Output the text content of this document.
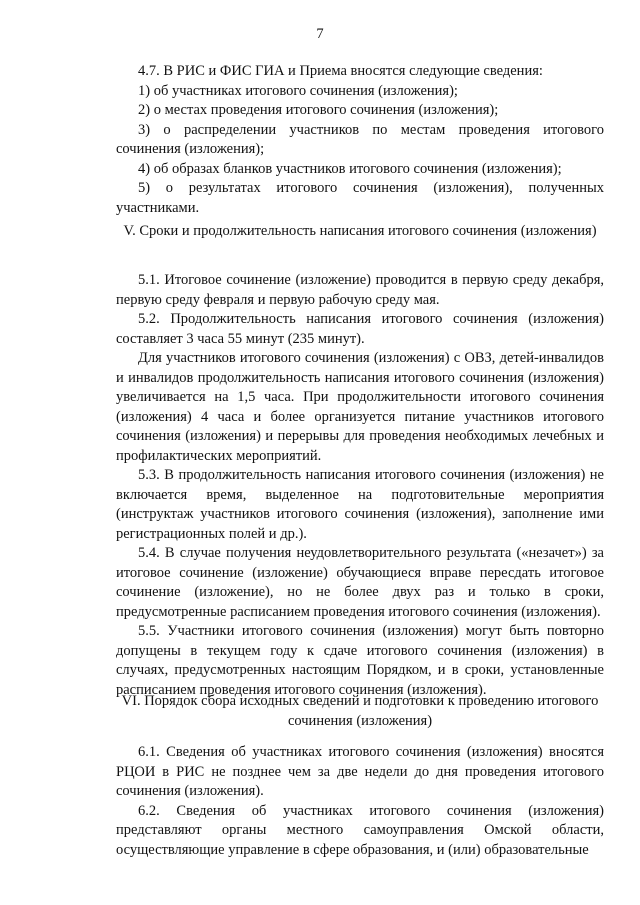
7

4.7. В РИС и ФИС ГИА и Приема вносятся следующие сведения:

1) об участниках итогового сочинения (изложения);

2) о местах проведения итогового сочинения (изложения);

3) о распределении участников по местам проведения итогового сочинения (изложения);

4) об образах бланков участников итогового сочинения (изложения);

5) о результатах итогового сочинения (изложения), полученных участниками.

V. Сроки и продолжительность написания итогового сочинения (изложения)

5.1. Итоговое сочинение (изложение) проводится в первую среду декабря, первую среду февраля и первую рабочую среду мая.

5.2. Продолжительность написания итогового сочинения (изложения) составляет 3 часа 55 минут (235 минут).

Для участников итогового сочинения (изложения) с ОВЗ, детей-инвалидов и инвалидов продолжительность написания итогового сочинения (изложения) увеличивается на 1,5 часа. При продолжительности итогового сочинения (изложения) 4 часа и более организуется питание участников итогового сочинения (изложения) и перерывы для проведения необходимых лечебных и профилактических мероприятий.

5.3. В продолжительность написания итогового сочинения (изложения) не включается время, выделенное на подготовительные мероприятия (инструктаж участников итогового сочинения (изложения), заполнение ими регистрационных полей и др.).

5.4. В случае получения неудовлетворительного результата («незачет») за итоговое сочинение (изложение) обучающиеся вправе пересдать итоговое сочинение (изложение), но не более двух раз и только в сроки, предусмотренные расписанием проведения итогового сочинения (изложения).

5.5. Участники итогового сочинения (изложения) могут быть повторно допущены в текущем году к сдаче итогового сочинения (изложения) в случаях, предусмотренных настоящим Порядком, и в сроки, установленные расписанием проведения итогового сочинения (изложения).

VI. Порядок сбора исходных сведений и подготовки к проведению итогового сочинения (изложения)

6.1. Сведения об участниках итогового сочинения (изложения) вносятся РЦОИ в РИС не позднее чем за две недели до дня проведения итогового сочинения (изложения).

6.2. Сведения об участниках итогового сочинения (изложения) представляют органы местного самоуправления Омской области, осуществляющие управление в сфере образования, и (или) образовательные
